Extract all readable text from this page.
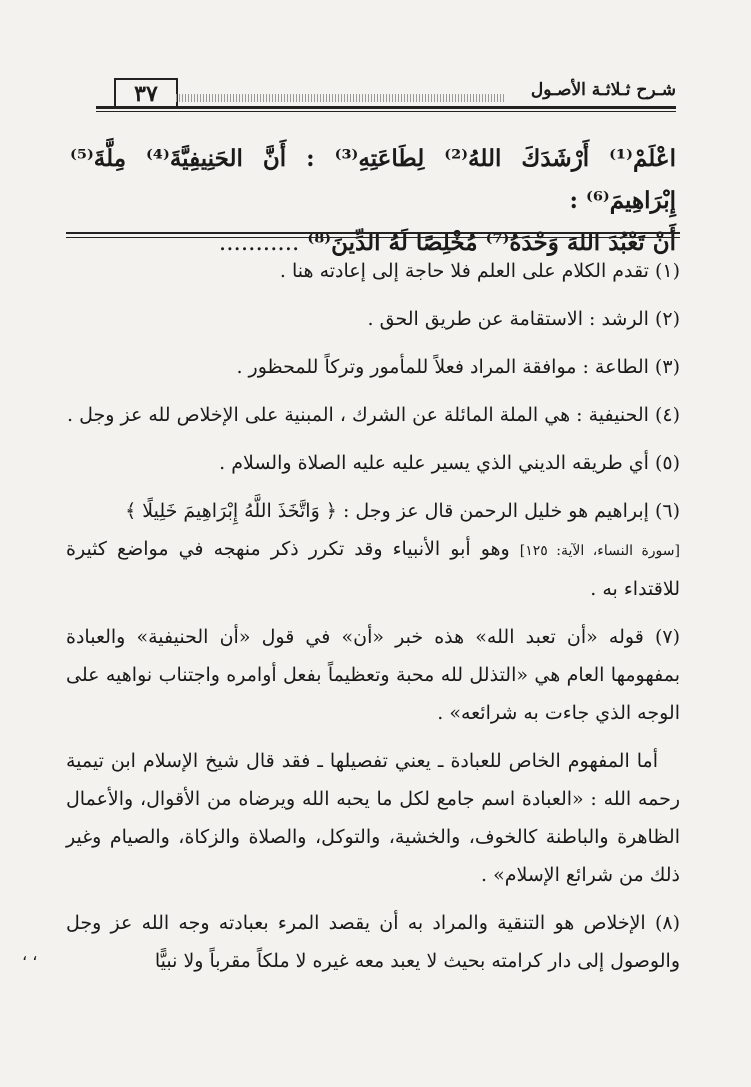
٣٧	شـرح ثـلاثـة الأصـول
اعْلَمْ⁽¹⁾ أَرْشَدَكَ اللهُ⁽²⁾ لِطَاعَتِهِ⁽³⁾ : أَنَّ الحَنِيفِيَّةَ⁽⁴⁾ مِلَّةَ⁽⁵⁾ إِبْرَاهِيمَ⁽⁶⁾ :
أَنْ تَعْبُدَ اللهَ وَحْدَهُ⁽⁷⁾ مُخْلِصًا لَهُ الدِّينَ⁽⁸⁾ ...........

(١) تقدم الكلام على العلم فلا حاجة إلى إعادته هنا .

(٢) الرشد : الاستقامة عن طريق الحق .

(٣) الطاعة : موافقة المراد فعلاً للمأمور وتركاً للمحظور .

(٤) الحنيفية : هي الملة المائلة عن الشرك ، المبنية على الإخلاص لله عز وجل .

(٥) أي طريقه الديني الذي يسير عليه عليه الصلاة والسلام .

(٦) إبراهيم هو خليل الرحمن قال عز وجل : ﴿ وَاتَّخَذَ اللَّهُ إِبْرَاهِيمَ خَلِيلًا ﴾
[سورة النساء، الآية: ١٢٥] وهو أبو الأنبياء وقد تكرر ذكر منهجه في مواضع كثيرة للاقتداء به .

(٧) قوله «أن تعبد الله» هذه خبر «أن» في قول «أن الحنيفية» والعبادة بمفهومها العام هي «التذلل لله محبة وتعظيماً بفعل أوامره واجتناب نواهيه على الوجه الذي جاءت به شرائعه» .

أما المفهوم الخاص للعبادة ـ يعني تفصيلها ـ فقد قال شيخ الإسلام ابن تيمية رحمه الله : «العبادة اسم جامع لكل ما يحبه الله ويرضاه من الأقوال، والأعمال الظاهرة والباطنة كالخوف، والخشية، والتوكل، والصلاة والزكاة، والصيام وغير ذلك من شرائع الإسلام» .

(٨) الإخلاص هو التنقية والمراد به أن يقصد المرء بعبادته وجه الله عز وجل والوصول إلى دار كرامته بحيث لا يعبد معه غيره لا ملكاً مقرباً ولا نبيًّا

، ،
